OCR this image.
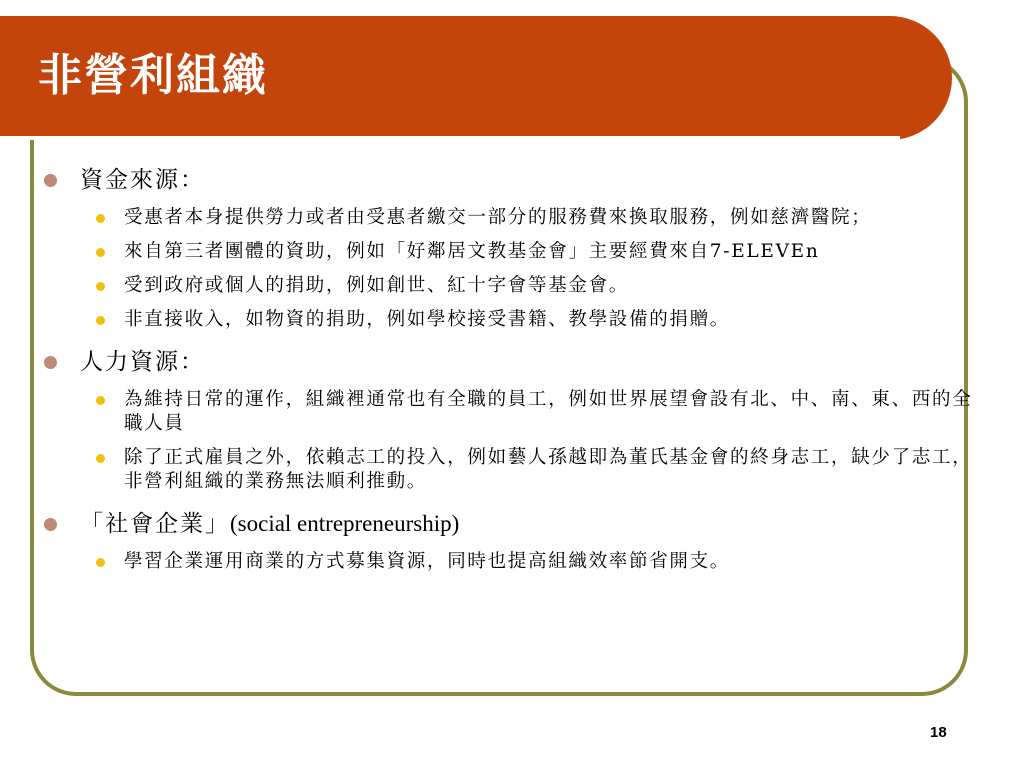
非營利組織
資金來源：
受惠者本身提供勞力或者由受惠者繳交一部分的服務費來換取服務，例如慈濟醫院；
來自第三者團體的資助，例如「好鄰居文教基金會」主要經費來自7-ELEVEn
受到政府或個人的捐助，例如創世、紅十字會等基金會。
非直接收入，如物資的捐助，例如學校接受書籍、教學設備的捐贈。
人力資源：
為維持日常的運作，組織裡通常也有全職的員工，例如世界展望會設有北、中、南、東、西的全職人員
除了正式雇員之外，依賴志工的投入，例如藝人孫越即為董氏基金會的終身志工，缺少了志工，非營利組織的業務無法順利推動。
「社會企業」(social entrepreneurship)
學習企業運用商業的方式募集資源，同時也提高組織效率節省開支。
18
